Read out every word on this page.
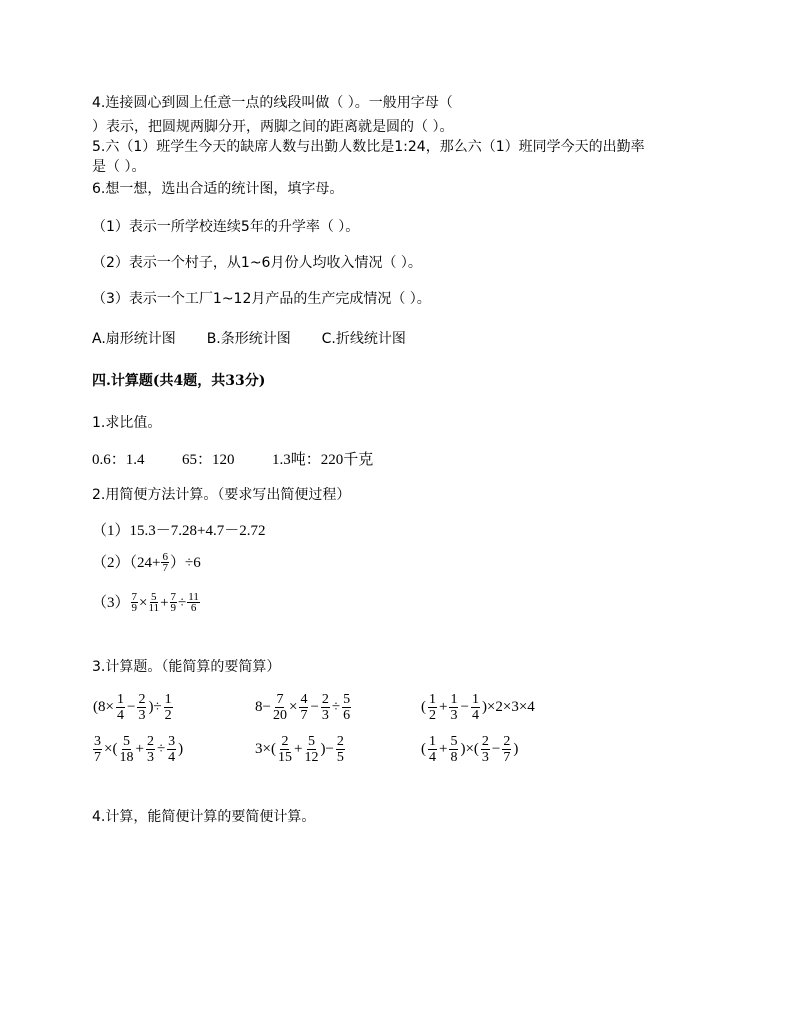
4.连接圆心到圆上任意一点的线段叫做（ ）。一般用字母（
）表示，把圆规两脚分开，两脚之间的距离就是圆的（ ）。
5.六（1）班学生今天的缺席人数与出勤人数比是1:24，那么六（1）班同学今天的出勤率
是（ ）。
6.想一想，选出合适的统计图，填字母。
（1）表示一所学校连续5年的升学率（ ）。
（2）表示一个村子，从1~6月份人均收入情况（ ）。
（3）表示一个工厂1~12月产品的生产完成情况（ ）。
A.扇形统计图 B.条形统计图 C.折线统计图
四.计算题(共4题，共33分)
1.求比值。
0.6：1.4	65：120	1.3吨：220千克
2.用简便方法计算。（要求写出简便过程）
（1）15.3－7.28+4.7－2.72
$(2)(24+ \frac{6}{7} )\div 6$
$(3) \frac{7}{9} \times \frac{5}{11} + \frac{7}{9} \div \frac{11}{6}$
3.计算题。（能简算的要简算）
($8\times \frac{1}{4} - \frac{2}{3}$ )÷ $\frac{1}{2}$	$8- \frac{7}{20} \times \frac{4}{7} - \frac{2}{3} \div \frac{5}{6}$	( $\frac{1}{2} + \frac{1}{3} - \frac{1}{4} )\times 2\times 3\times 4$
$\frac{3}{7}$ ×( $\frac{5}{18} + \frac{2}{3} \div \frac{3}{4}$ )	$3\times( \frac{2}{15} + \frac{5}{12}$ )− $\frac{2}{5}$	( $\frac{1}{4} + \frac{5}{8}$ )×( $\frac{2}{3} - \frac{2}{7}$ )
4.计算，能简便计算的要简便计算。
